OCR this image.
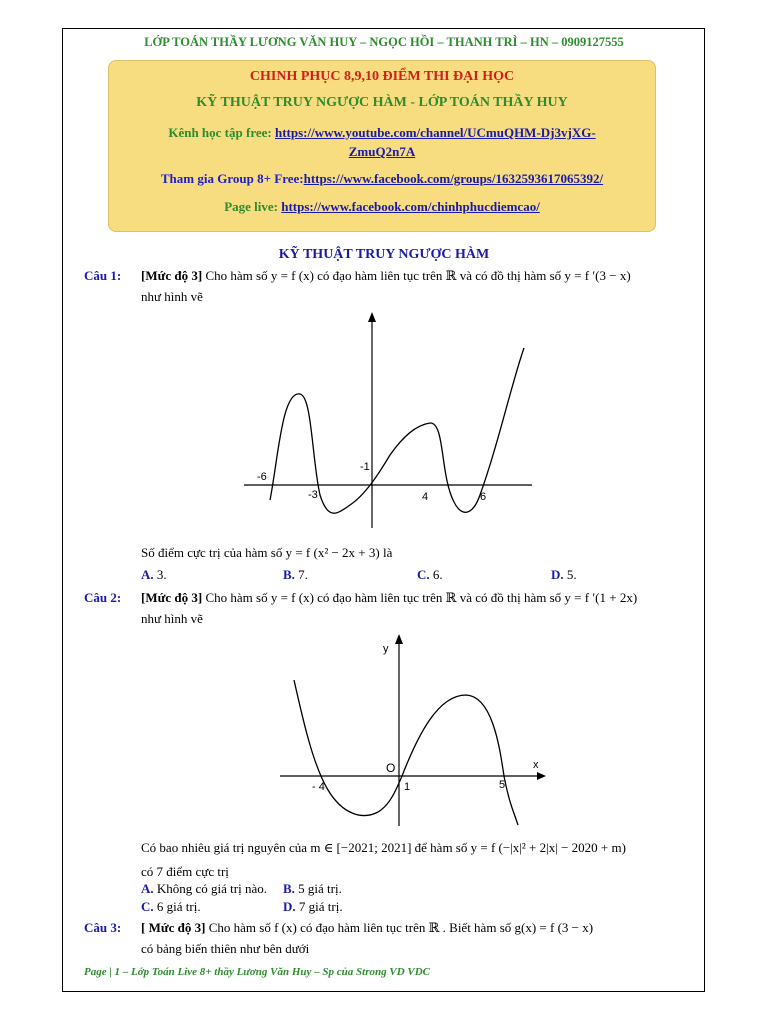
LỚP TOÁN THẦY LƯƠNG VĂN HUY – NGỌC HỒI – THANH TRÌ – HN – 0909127555
CHINH PHỤC 8,9,10 ĐIỂM THI ĐẠI HỌC
KỸ THUẬT TRUY NGƯỢC HÀM - LỚP TOÁN THẦY HUY
Kênh học tập free: https://www.youtube.com/channel/UCmuQHM-Dj3vjXG-
ZmuQ2n7A
Tham gia Group 8+ Free:https://www.facebook.com/groups/1632593617065392/
Page live: https://www.facebook.com/chinhphucdiemcao/
KỸ THUẬT TRUY NGƯỢC HÀM
Câu 1: [Mức độ 3] Cho hàm số y = f (x) có đạo hàm liên tục trên ℝ và có đồ thị hàm số y = f ′(3 − x)
như hình vẽ
-6
-3
-1
4	6
Số điểm cực trị của hàm số y = f (x² − 2x + 3) là
A. 3.	B. 7.	C. 6.	D. 5.
Câu 2: [Mức độ 3] Cho hàm số y = f (x) có đạo hàm liên tục trên ℝ và có đồ thị hàm số y = f ′(1 + 2x)
như hình vẽ
y
x
O
- 4	1	5
Có bao nhiêu giá trị nguyên của m ∈ [−2021; 2021] để hàm số y = f (−|x|² + 2|x| − 2020 + m)
có 7 điểm cực trị
A. Không có giá trị nào. B. 5 giá trị.
C. 6 giá trị.	D. 7 giá trị.
Câu 3: [ Mức độ 3] Cho hàm số f (x) có đạo hàm liên tục trên ℝ . Biết hàm số g(x) = f (3 − x)
có bảng biến thiên như bên dưới
Page | 1 – Lớp Toán Live 8+ thầy Lương Văn Huy – Sp của Strong VD VDC
